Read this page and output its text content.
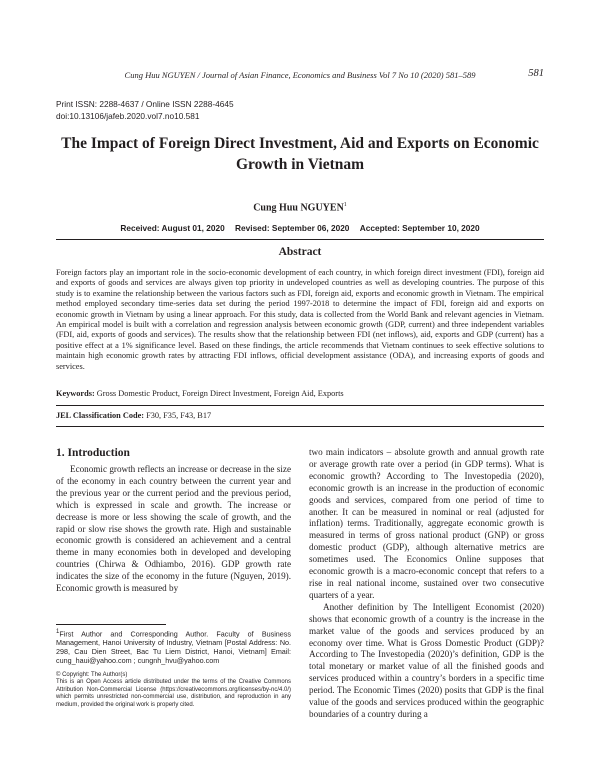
Cung Huu NGUYEN / Journal of Asian Finance, Economics and Business Vol 7 No 10 (2020) 581–589	581
Print ISSN: 2288-4637 / Online ISSN 2288-4645
doi:10.13106/jafeb.2020.vol7.no10.581
The Impact of Foreign Direct Investment, Aid and Exports on Economic
Growth in Vietnam
Cung Huu NGUYEN$^1$
Received: August 01, 2020 Revised: September 06, 2020 Accepted: September 10, 2020
Abstract
Foreign factors play an important role in the socio-economic development of each country, in which foreign direct investment (FDI), foreign aid and exports of goods and services are always given top priority in undeveloped countries as well as developing countries. The purpose of this study is to examine the relationship between the various factors such as FDI, foreign aid, exports and economic growth in Vietnam. The empirical method employed secondary time-series data set during the period 1997-2018 to determine the impact of FDI, foreign aid and exports on economic growth in Vietnam by using a linear approach. For this study, data is collected from the World Bank and relevant agencies in Vietnam. An empirical model is built with a correlation and regression analysis between economic growth (GDP, current) and three independent variables (FDI, aid, exports of goods and services). The results show that the relationship between FDI (net inflows), aid, exports and GDP (current) has a positive effect at a 1% significance level. Based on these findings, the article recommends that Vietnam continues to seek effective solutions to maintain high economic growth rates by attracting FDI inflows, official development assistance (ODA), and increasing exports of goods and services.
Keywords: Gross Domestic Product, Foreign Direct Investment, Foreign Aid, Exports
JEL Classification Code: F30, F35, F43, B17
1. Introduction

Economic growth reflects an increase or decrease in the size of the economy in each country between the current year and the previous year or the current period and the previous period, which is expressed in scale and growth. The increase or decrease is more or less showing the scale of growth, and the rapid or slow rise shows the growth rate. High and sustainable economic growth is considered an achievement and a central theme in many economies both in developed and developing countries (Chirwa & Odhiambo, 2016). GDP growth rate indicates the size of the economy in the future (Nguyen, 2019). Economic growth is measured by

two main indicators – absolute growth and annual growth rate or average growth rate over a period (in GDP terms). What is economic growth? According to The Investopedia (2020), economic growth is an increase in the production of economic goods and services, compared from one period of time to another. It can be measured in nominal or real (adjusted for inflation) terms. Traditionally, aggregate economic growth is measured in terms of gross national product (GNP) or gross domestic product (GDP), although alternative metrics are sometimes used. The Economics Online supposes that economic growth is a macro-economic concept that refers to a rise in real national income, sustained over two consecutive quarters of a year.

Another definition by The Intelligent Economist (2020) shows that economic growth of a country is the increase in the market value of the goods and services produced by an economy over time. What is Gross Domestic Product (GDP)? According to The Investopedia (2020)’s definition, GDP is the total monetary or market value of all the finished goods and services produced within a country’s borders in a specific time period. The Economic Times (2020) posits that GDP is the final value of the goods and services produced within the geographic boundaries of a country during a

$^1$First Author and Corresponding Author. Faculty of Business Management, Hanoi University of Industry, Vietnam [Postal Address: No. 298, Cau Dien Street, Bac Tu Liem District, Hanoi, Vietnam] Email: cung_haui@yahoo.com ; cungnh_hvu@yahoo.com

© Copyright: The Author(s)

This is an Open Access article distributed under the terms of the Creative Commons Attribution Non-Commercial License (https://creativecommons.org/licenses/by-nc/4.0/) which permits unrestricted non-commercial use, distribution, and reproduction in any medium, provided the original work is properly cited.
